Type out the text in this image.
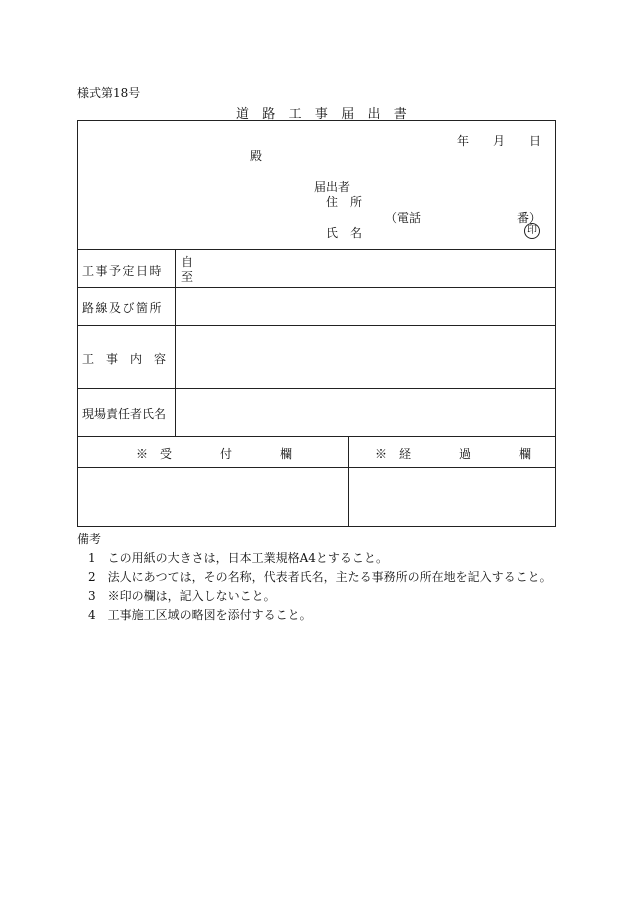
様式第18号
道　路　工　事　届　出　書
年　　月　　日
殿
届出者
住　所
（電話　　　　　　　　番）
氏　名	印
工事予定日時
自
至
路線及び箇所
工　事　内　容
現場責任者氏名
※　受　　　　付　　　　欄	※　経　　　　過　　　　欄
備考
1　この用紙の大きさは，日本工業規格A4とすること。
2　法人にあつては，その名称，代表者氏名，主たる事務所の所在地を記入すること。
3　※印の欄は，記入しないこと。
4　工事施工区域の略図を添付すること。
